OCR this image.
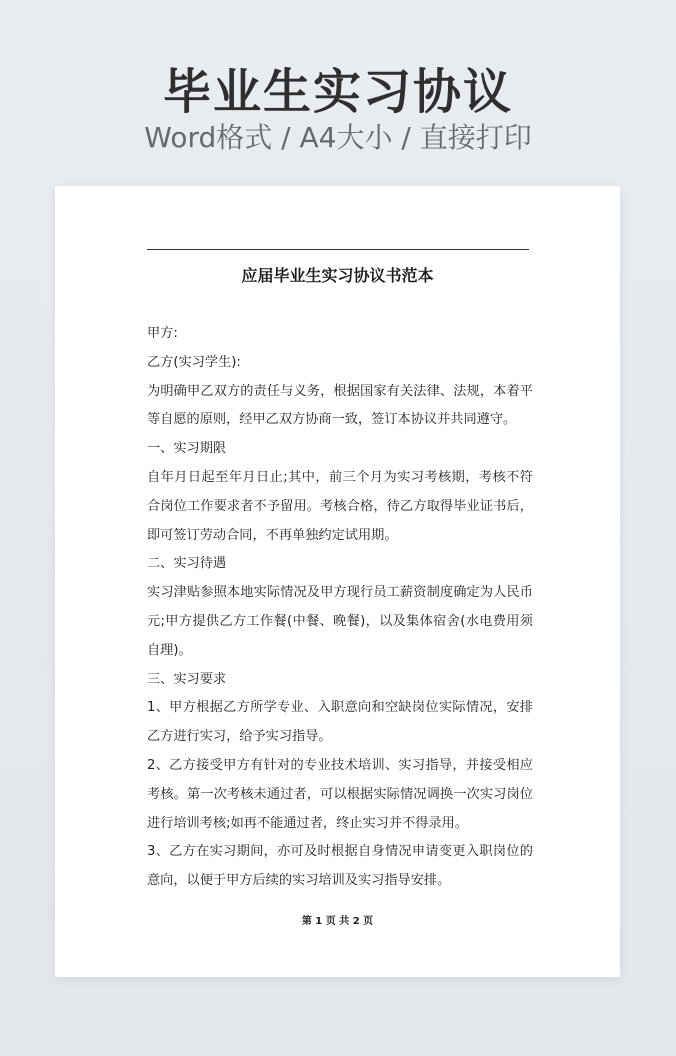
毕业生实习协议
Word格式 / A4大小 / 直接打印
应届毕业生实习协议书范本

甲方:

乙方(实习学生):

为明确甲乙双方的责任与义务，根据国家有关法律、法规，本着平等自愿的原则，经甲乙双方协商一致，签订本协议并共同遵守。

一、实习期限

自年月日起至年月日止;其中，前三个月为实习考核期，考核不符合岗位工作要求者不予留用。考核合格，待乙方取得毕业证书后，即可签订劳动合同，不再单独约定试用期。

二、实习待遇

实习津贴参照本地实际情况及甲方现行员工薪资制度确定为人民币元;甲方提供乙方工作餐(中餐、晚餐)，以及集体宿舍(水电费用须自理)。

三、实习要求

1、甲方根据乙方所学专业、入职意向和空缺岗位实际情况，安排乙方进行实习，给予实习指导。

2、乙方接受甲方有针对的专业技术培训、实习指导，并接受相应考核。第一次考核未通过者，可以根据实际情况调换一次实习岗位进行培训考核;如再不能通过者，终止实习并不得录用。

3、乙方在实习期间，亦可及时根据自身情况申请变更入职岗位的意向，以便于甲方后续的实习培训及实习指导安排。

第 1 页 共 2 页
